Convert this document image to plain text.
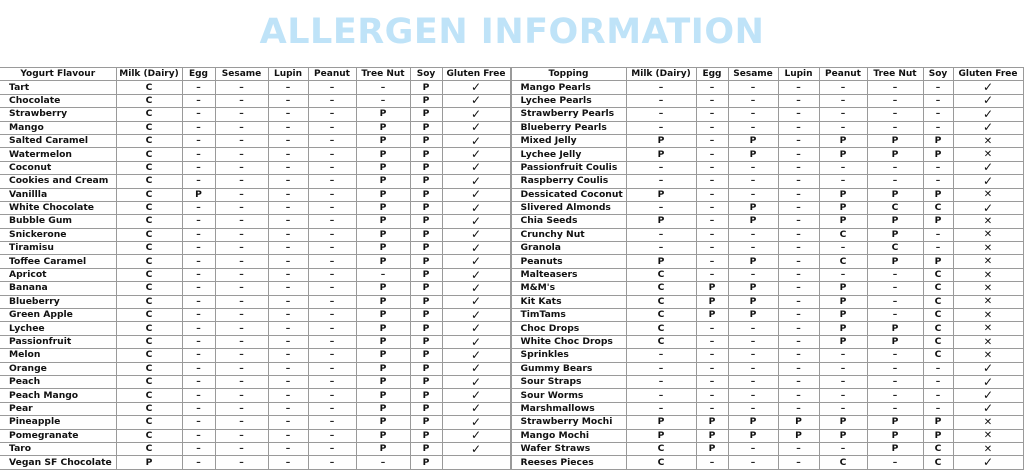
ALLERGEN INFORMATION
Yogurt Flavour	Milk (Dairy)	Egg	Sesame	Lupin	Peanut	Tree Nut	Soy	Gluten Free
Tart	C	–	–	–	–	–	P	✓
Chocolate	C	–	–	–	–	–	P	✓
Strawberry	C	–	–	–	–	P	P	✓
Mango	C	–	–	–	–	P	P	✓
Salted Caramel	C	–	–	–	–	P	P	✓
Watermelon	C	–	–	–	–	P	P	✓
Coconut	C	–	–	–	–	P	P	✓
Cookies and Cream	C	–	–	–	–	P	P	✓
Vanillla	C	P	–	–	–	P	P	✓
White Chocolate	C	–	–	–	–	P	P	✓
Bubble Gum	C	–	–	–	–	P	P	✓
Snickerone	C	–	–	–	–	P	P	✓
Tiramisu	C	–	–	–	–	P	P	✓
Toffee Caramel	C	–	–	–	–	P	P	✓
Apricot	C	–	–	–	–	–	P	✓
Banana	C	–	–	–	–	P	P	✓
Blueberry	C	–	–	–	–	P	P	✓
Green Apple	C	–	–	–	–	P	P	✓
Lychee	C	–	–	–	–	P	P	✓
Passionfruit	C	–	–	–	–	P	P	✓
Melon	C	–	–	–	–	P	P	✓
Orange	C	–	–	–	–	P	P	✓
Peach	C	–	–	–	–	P	P	✓
Peach Mango	C	–	–	–	–	P	P	✓
Pear	C	–	–	–	–	P	P	✓
Pineapple	C	–	–	–	–	P	P	✓
Pomegranate	C	–	–	–	–	P	P	✓
Taro	C	–	–	–	–	P	P	✓
Vegan SF Chocolate	P	–	–	–	–	–	P	
Topping	Milk (Dairy)	Egg	Sesame	Lupin	Peanut	Tree Nut	Soy	Gluten Free
Mango Pearls	–	–	–	–	–	–	–	✓
Lychee Pearls	–	–	–	–	–	–	–	✓
Strawberry Pearls	–	–	–	–	–	–	–	✓
Blueberry Pearls	–	–	–	–	–	–	–	✓
Mixed Jelly	P	–	P	–	P	P	P	✕
Lychee Jelly	P	–	P	–	P	P	P	✕
Passionfruit Coulis	–	–	–	–	–	–	–	✓
Raspberry Coulis	–	–	–	–	–	–	–	✓
Dessicated Coconut	P	–	–	–	P	P	P	✕
Slivered Almonds	–	–	P	–	P	C	C	✓
Chia Seeds	P	–	P	–	P	P	P	✕
Crunchy Nut	–	–	–	–	C	P	–	✕
Granola	–	–	–	–	–	C	–	✕
Peanuts	P	–	P	–	C	P	P	✕
Malteasers	C	–	–	–	–	–	C	✕
M&M's	C	P	P	–	P	–	C	✕
Kit Kats	C	P	P	–	P	–	C	✕
TimTams	C	P	P	–	P	–	C	✕
Choc Drops	C	–	–	–	P	P	C	✕
White Choc Drops	C	–	–	–	P	P	C	✕
Sprinkles	–	–	–	–	–	–	C	✕
Gummy Bears	–	–	–	–	–	–	–	✓
Sour Straps	–	–	–	–	–	–	–	✓
Sour Worms	–	–	–	–	–	–	–	✓
Marshmallows	–	–	–	–	–	–	–	✓
Strawberry Mochi	P	P	P	P	P	P	P	✕
Mango Mochi	P	P	P	P	P	P	P	✕
Wafer Straws	C	P	–	–	–	P	C	✕
Reeses Pieces	C	–	–	–	C	–	C	✓
